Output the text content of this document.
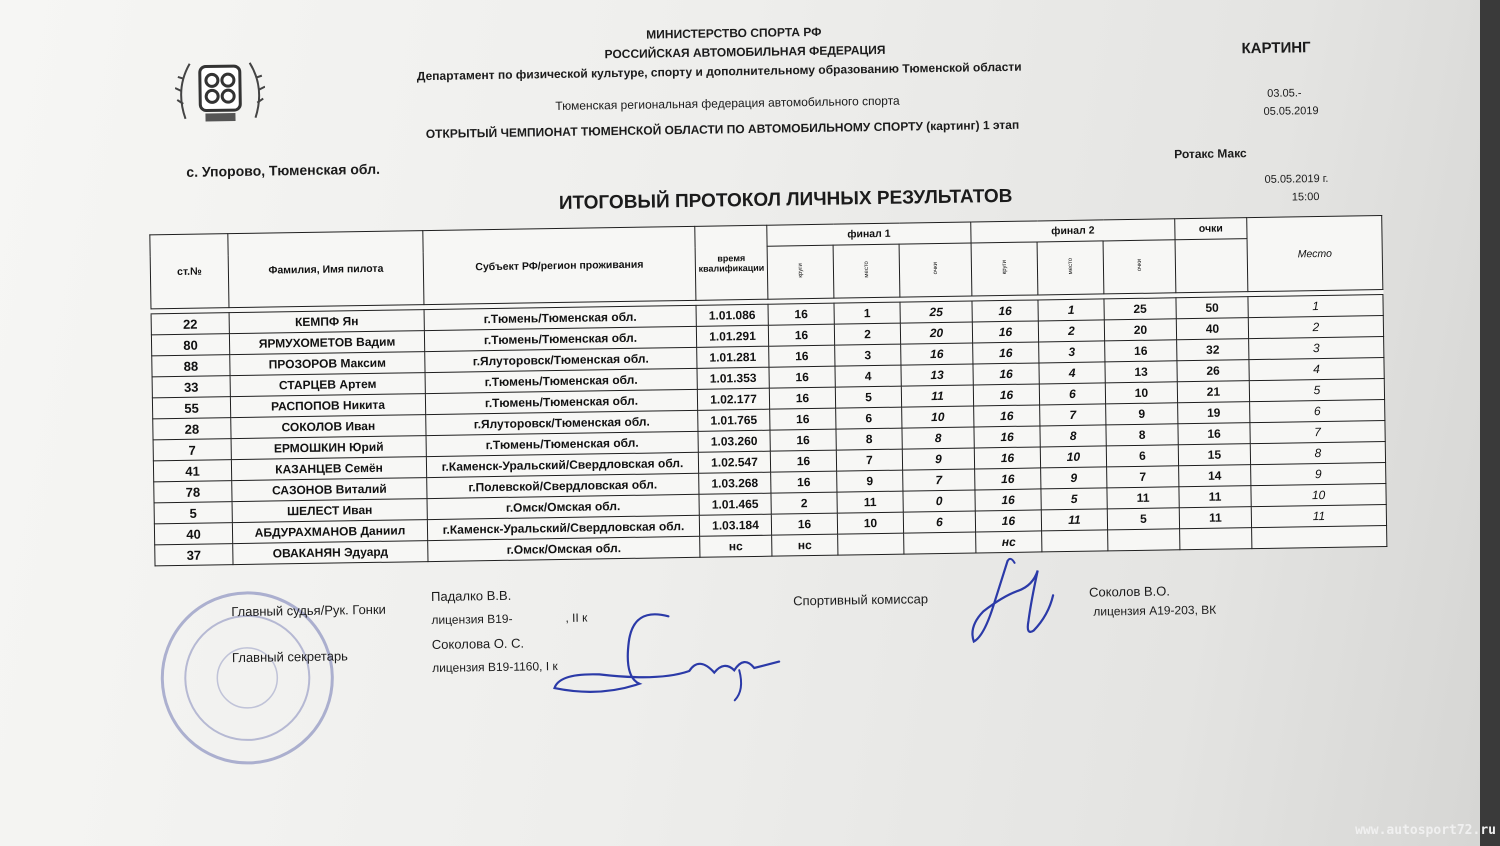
МИНИСТЕРСТВО СПОРТА РФ
РОССИЙСКАЯ АВТОМОБИЛЬНАЯ ФЕДЕРАЦИЯ
Департамент по физической культуре, спорту и дополнительному образованию Тюменской области
Тюменская региональная федерация автомобильного спорта
ОТКРЫТЫЙ ЧЕМПИОНАТ ТЮМЕНСКОЙ ОБЛАСТИ ПО АВТОМОБИЛЬНОМУ СПОРТУ (картинг) 1 этап
КАРТИНГ
03.05.-
05.05.2019
с. Упорово, Тюменская обл.
Ротакс Макс
05.05.2019 г.
15:00
ИТОГОВЫЙ ПРОТОКОЛ ЛИЧНЫХ РЕЗУЛЬТАТОВ
ст.№	Фамилия, Имя пилота	Субъект РФ/регион проживания	время квалификации	финал 1			финал 2			очки	Место
				круги	место	очки	круги	место	очки		

22	КЕМПФ Ян	г.Тюмень/Тюменская обл.	1.01.086	16	1	25	16	1	25	50	1
80	ЯРМУХОМЕТОВ Вадим	г.Тюмень/Тюменская обл.	1.01.291	16	2	20	16	2	20	40	2
88	ПРОЗОРОВ Максим	г.Ялуторовск/Тюменская обл.	1.01.281	16	3	16	16	3	16	32	3
33	СТАРЦЕВ Артем	г.Тюмень/Тюменская обл.	1.01.353	16	4	13	16	4	13	26	4
55	РАСПОПОВ Никита	г.Тюмень/Тюменская обл.	1.02.177	16	5	11	16	6	10	21	5
28	СОКОЛОВ Иван	г.Ялуторовск/Тюменская обл.	1.01.765	16	6	10	16	7	9	19	6
7	ЕРМОШКИН Юрий	г.Тюмень/Тюменская обл.	1.03.260	16	8	8	16	8	8	16	7
41	КАЗАНЦЕВ Семён	г.Каменск-Уральский/Свердловская обл.	1.02.547	16	7	9	16	10	6	15	8
78	САЗОНОВ Виталий	г.Полевской/Свердловская обл.	1.03.268	16	9	7	16	9	7	14	9
5	ШЕЛЕСТ Иван	г.Омск/Омская обл.	1.01.465	2	11	0	16	5	11	11	10
40	АБДУРАХМАНОВ Даниил	г.Каменск-Уральский/Свердловская обл.	1.03.184	16	10	6	16	11	5	11	11
37	ОВАКАНЯН Эдуард	г.Омск/Омская обл.	нс	нс			нс				
Главный судья/Рук. Гонки
Падалко В.В.
лицензия В19-	, II к
Главный секретарь
Соколова О. С.
лицензия В19-1160, I к
Спортивный комиссар	Соколов В.О.
лицензия А19-203, ВК
www.autosport72.ru
